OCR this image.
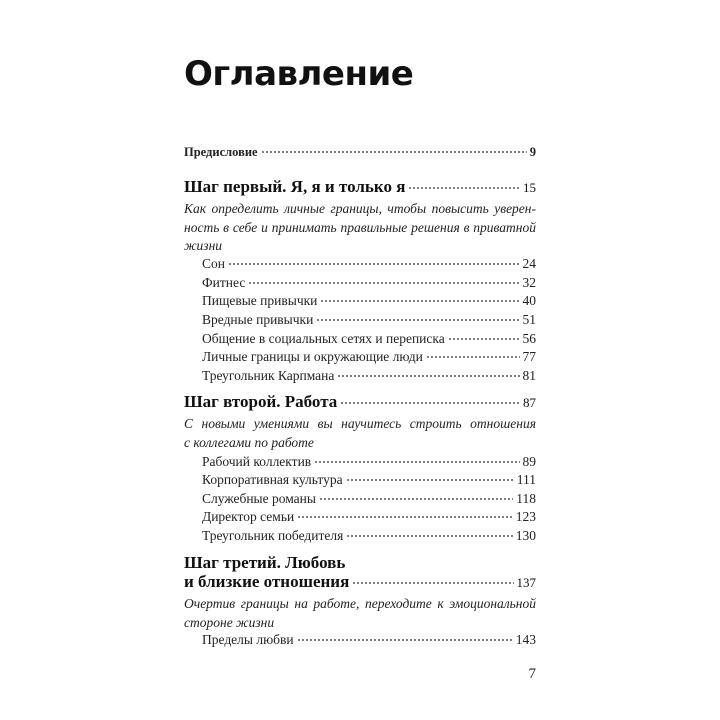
Оглавление
Предисловие	9
Шаг первый. Я, я и только я	15
Как определить личные границы, чтобы повысить уверен-
ность в себе и принимать правильные решения в приватной
жизни
Сон	24
Фитнес	32
Пищевые привычки	40
Вредные привычки	51
Общение в социальных сетях и переписка	56
Личные границы и окружающие люди	77
Треугольник Карпмана	81
Шаг второй. Работа	87
С новыми умениями вы научитесь строить отношения
с коллегами по работе
Рабочий коллектив	89
Корпоративная культура	111
Служебные романы	118
Директор семьи	123
Треугольник победителя	130
Шаг третий. Любовь
и близкие отношения	137
Очертив границы на работе, переходите к эмоциональной
стороне жизни
Пределы любви	143
7
